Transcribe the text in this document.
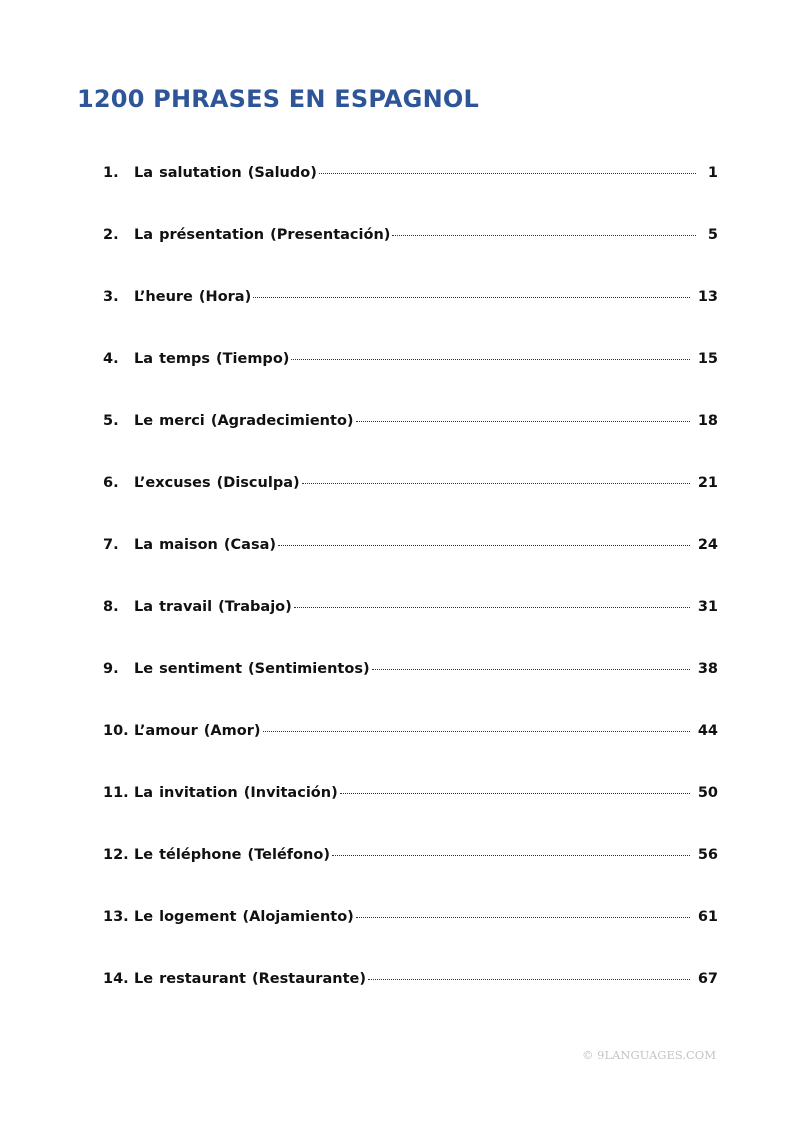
1200 PHRASES EN ESPAGNOL
1.	La salutation (Saludo)	1
2.	La présentation (Presentación)	5
3.	L’heure (Hora)	13
4.	La temps (Tiempo)	15
5.	Le merci (Agradecimiento)	18
6.	L’excuses (Disculpa)	21
7.	La maison (Casa)	24
8.	La travail (Trabajo)	31
9.	Le sentiment (Sentimientos)	38
10. L’amour (Amor)	44
11. La invitation (Invitación)	50
12. Le téléphone (Teléfono)	56
13. Le logement (Alojamiento)	61
14. Le restaurant (Restaurante)	67
© 9LANGUAGES.COM
